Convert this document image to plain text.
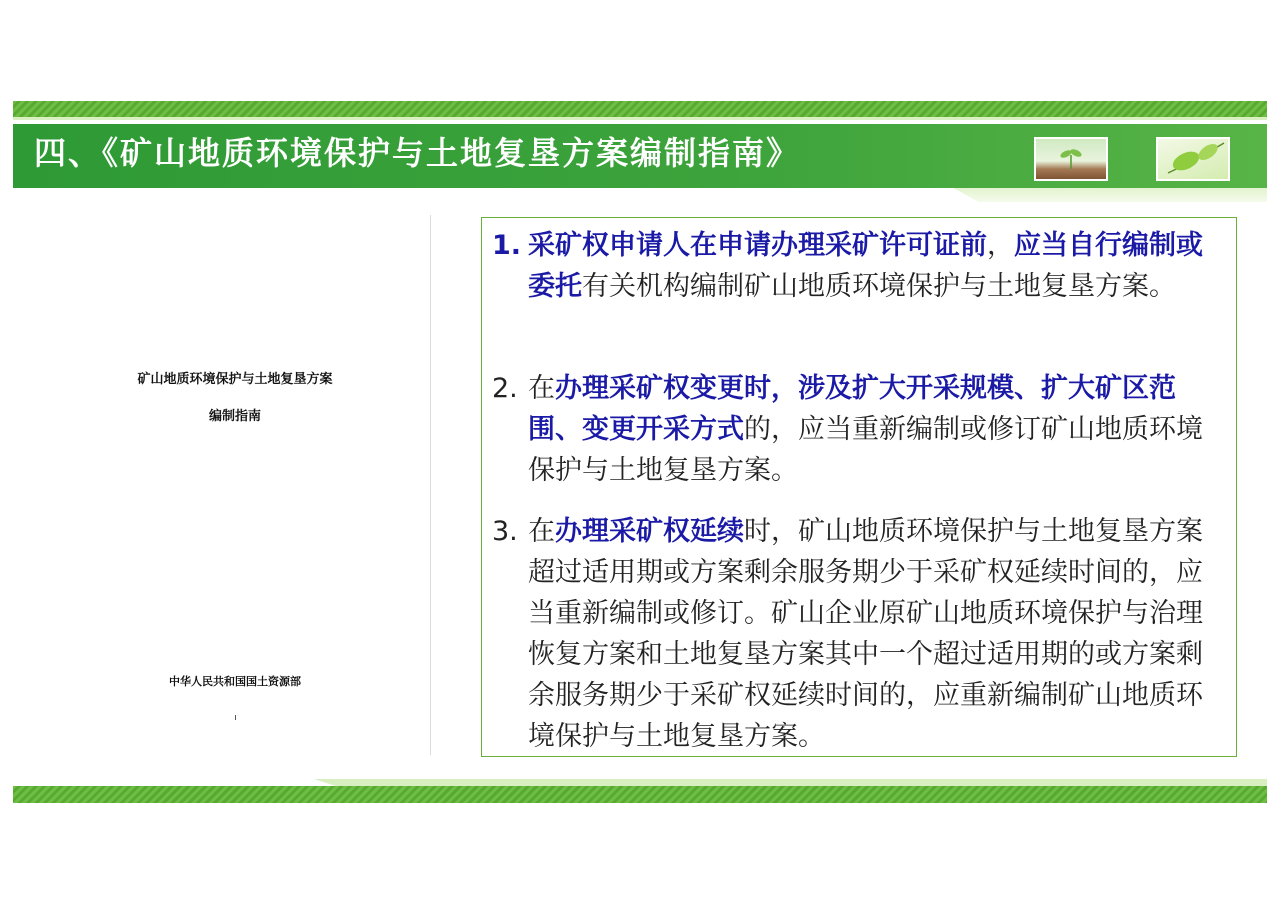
四、《矿山地质环境保护与土地复垦方案编制指南》
矿山地质环境保护与土地复垦方案
编制指南
中华人民共和国国土资源部
1. 采矿权申请人在申请办理采矿许可证前，应当自行编制或委托有关机构编制矿山地质环境保护与土地复垦方案。
2. 在办理采矿权变更时，涉及扩大开采规模、扩大矿区范围、变更开采方式的，应当重新编制或修订矿山地质环境保护与土地复垦方案。
3. 在办理采矿权延续时，矿山地质环境保护与土地复垦方案超过适用期或方案剩余服务期少于采矿权延续时间的，应当重新编制或修订。矿山企业原矿山地质环境保护与治理恢复方案和土地复垦方案其中一个超过适用期的或方案剩余服务期少于采矿权延续时间的，应重新编制矿山地质环境保护与土地复垦方案。
